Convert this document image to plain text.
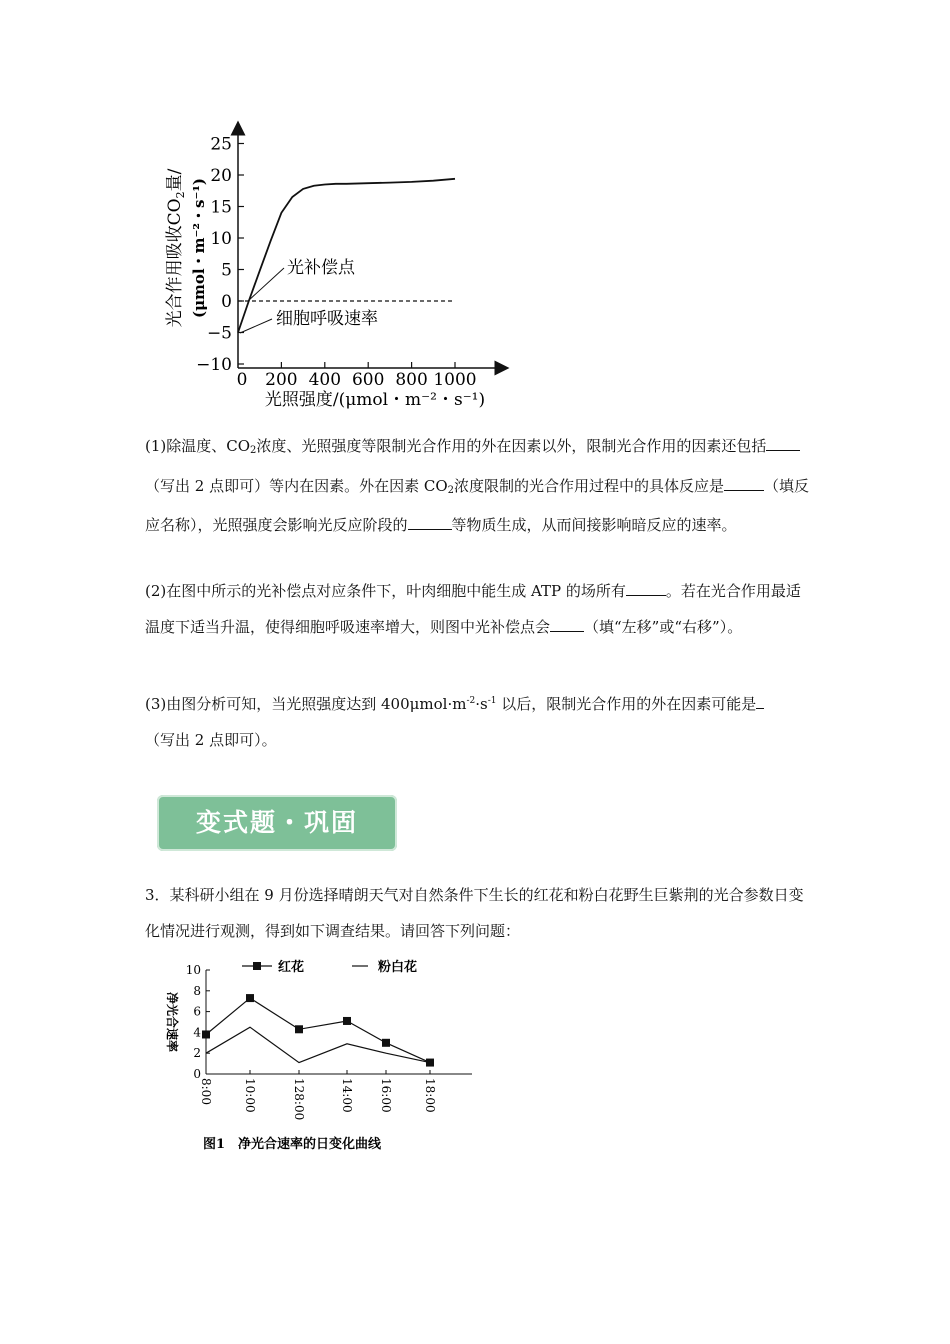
25
20
15
10
5
0
−5
−10
0 200 400 600 800 1000
光补偿点
细胞呼吸速率
光合作用吸收$CO_2$量/ (μmol・m⁻²・s⁻¹)
光照强度/(μmol・m⁻²・s⁻¹)

(1)除温度、$CO_2$浓度、光照强度等限制光合作用的外在因素以外，限制光合作用的因素还包括（写出 2 点即可）等内在因素。外在因素 $CO_2$浓度限制的光合作用过程中的具体反应是	（填反应名称），光照强度会影响光反应阶段的	等物质生成，从而间接影响暗反应的速率。

(2)在图中所示的光补偿点对应条件下，叶肉细胞中能生成 ATP 的场所有	。若在光合作用最适温度下适当升温，使得细胞呼吸速率增大，则图中光补偿点会 （填“左移”或“右移”）。

(3)由图分析可知，当光照强度达到 $400\mu mol\cdot m^{-2}\cdot s^{-1}$ 以后，限制光合作用的外在因素可能是
（写出 2 点即可）。

变式题・巩固

3．某科研小组在 9 月份选择晴朗天气对自然条件下生长的红花和粉白花野生巨紫荆的光合参数日变化情况进行观测，得到如下调查结果。请回答下列问题：

10
8
6
4
2
0
8:00	10:00	128:00	14:00 16:00	18:00
红花	粉白花
净光合速率
图1　净光合速率的日变化曲线
